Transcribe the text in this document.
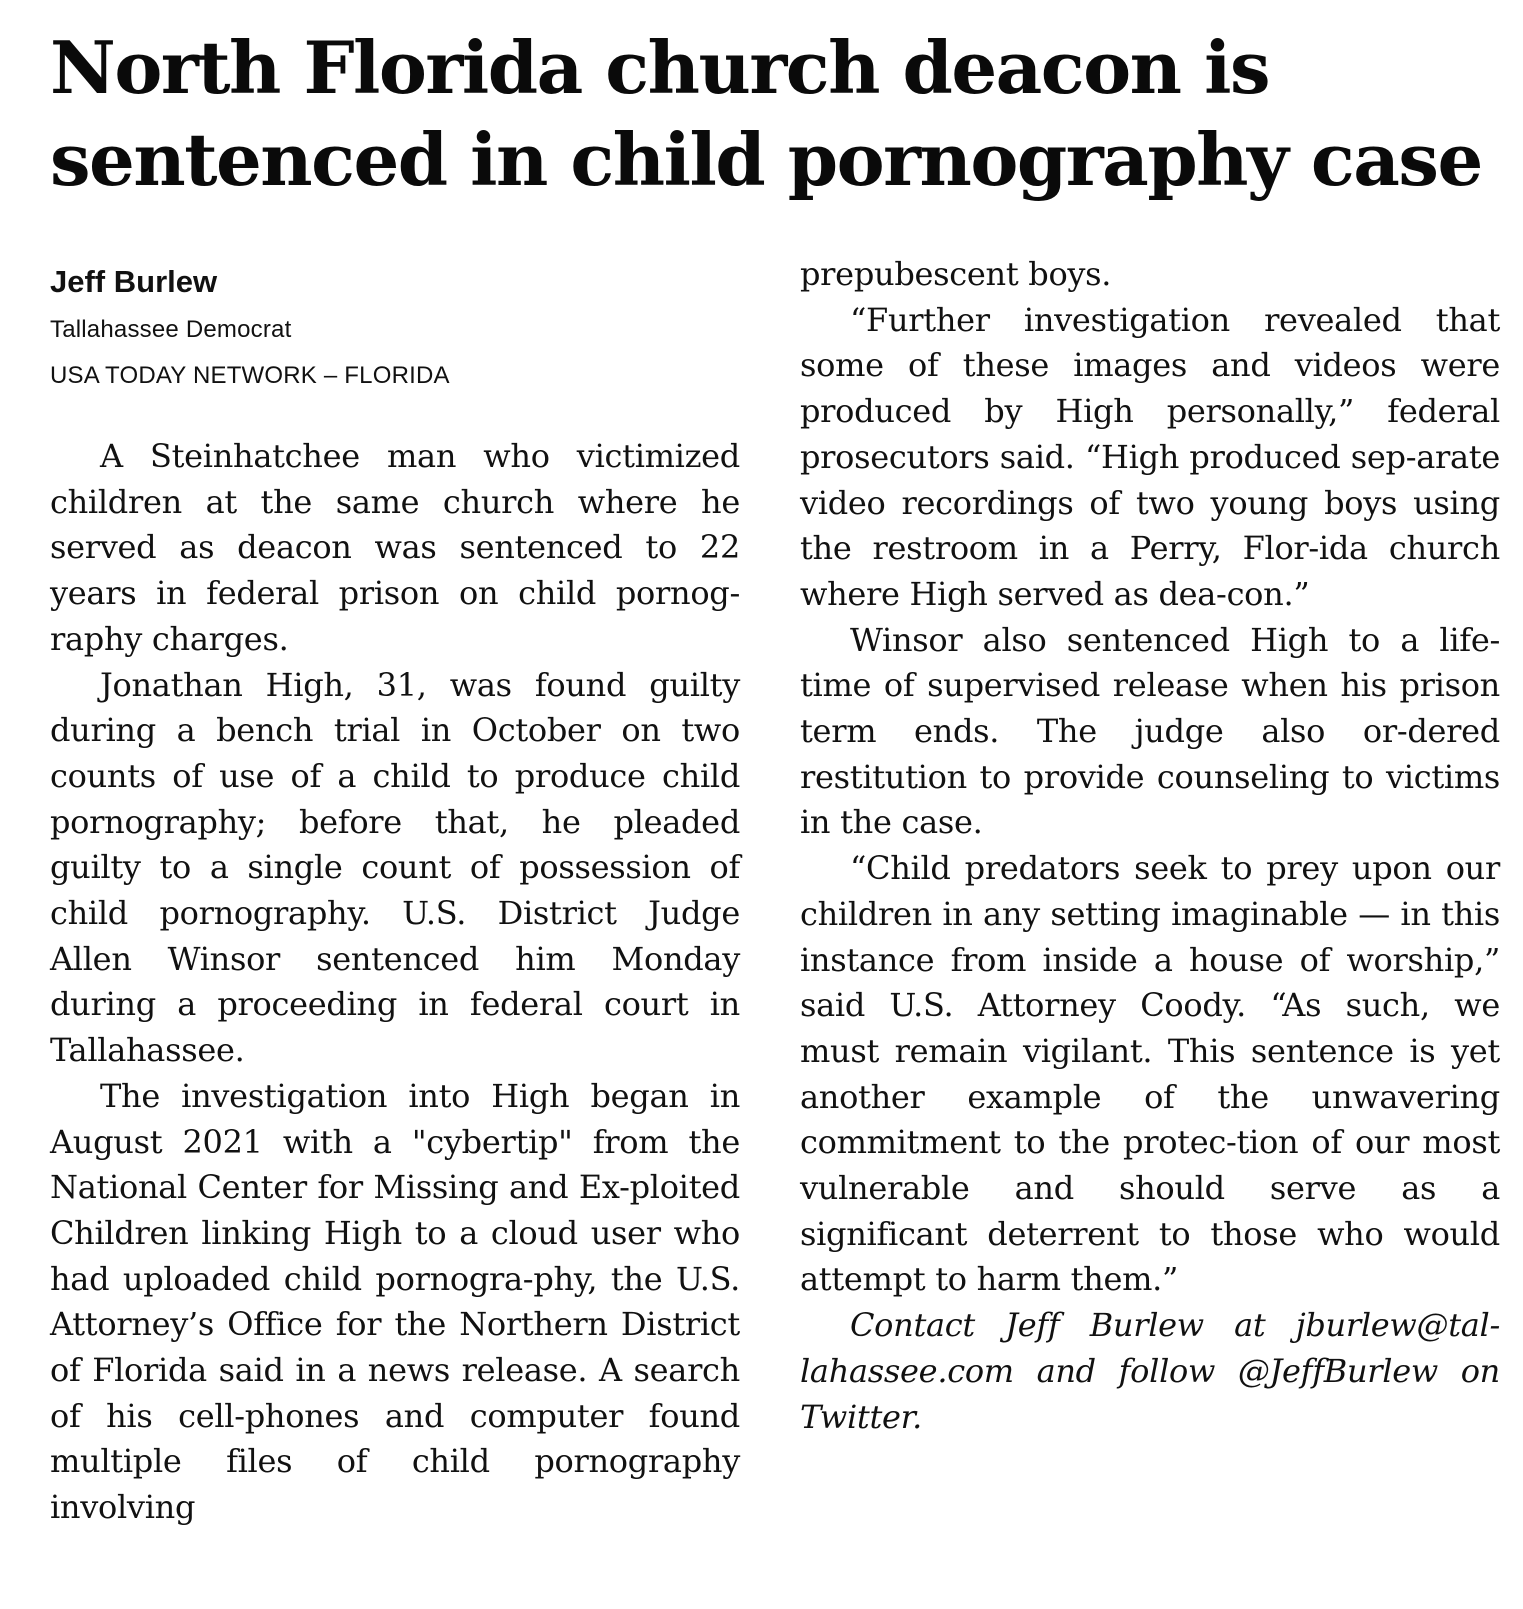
North Florida church deacon is
sentenced in child pornography case
Jeff Burlew
Tallahassee Democrat
USA TODAY NETWORK – FLORIDA

A Steinhatchee man who victimized children at the same church where he served as deacon was sentenced to 22 years in federal prison on child pornog-raphy charges.

Jonathan High, 31, was found guilty during a bench trial in October on two counts of use of a child to produce child pornography; before that, he pleaded guilty to a single count of possession of child pornography. U.S. District Judge Allen Winsor sentenced him Monday during a proceeding in federal court in Tallahassee.

The investigation into High began in August 2021 with a "cybertip" from the National Center for Missing and Ex-ploited Children linking High to a cloud user who had uploaded child pornogra-phy, the U.S. Attorney’s Office for the Northern District of Florida said in a news release. A search of his cell-phones and computer found multiple files of child pornography involving

prepubescent boys.

“Further investigation revealed that some of these images and videos were produced by High personally,” federal prosecutors said. “High produced sep-arate video recordings of two young boys using the restroom in a Perry, Flor-ida church where High served as dea-con.”

Winsor also sentenced High to a life-time of supervised release when his prison term ends. The judge also or-dered restitution to provide counseling to victims in the case.

“Child predators seek to prey upon our children in any setting imaginable — in this instance from inside a house of worship,” said U.S. Attorney Coody. “As such, we must remain vigilant. This sentence is yet another example of the unwavering commitment to the protec-tion of our most vulnerable and should serve as a significant deterrent to those who would attempt to harm them.”

Contact Jeff Burlew at jburlew@tal-lahassee.com and follow @JeffBurlew on Twitter.
